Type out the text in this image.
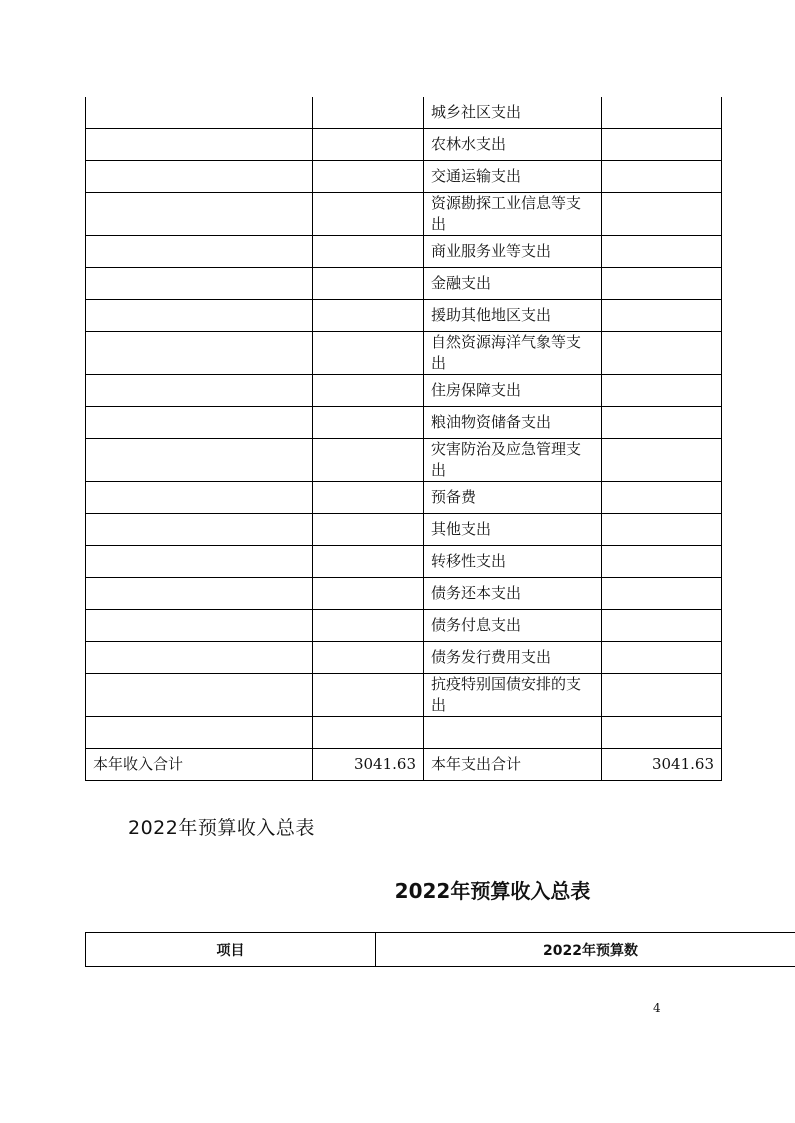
		城乡社区支出	
		农林水支出	
		交通运输支出	
		资源勘探工业信息等支出	
		商业服务业等支出	
		金融支出	
		援助其他地区支出	
		自然资源海洋气象等支出	
		住房保障支出	
		粮油物资储备支出	
		灾害防治及应急管理支出	
		预备费	
		其他支出	
		转移性支出	
		债务还本支出	
		债务付息支出	
		债务发行费用支出	
		抗疫特别国债安排的支出	

本年收入合计	3041.63	本年支出合计	3041.63

2022年预算收入总表

2022年预算收入总表

项目	2022年预算数
4
